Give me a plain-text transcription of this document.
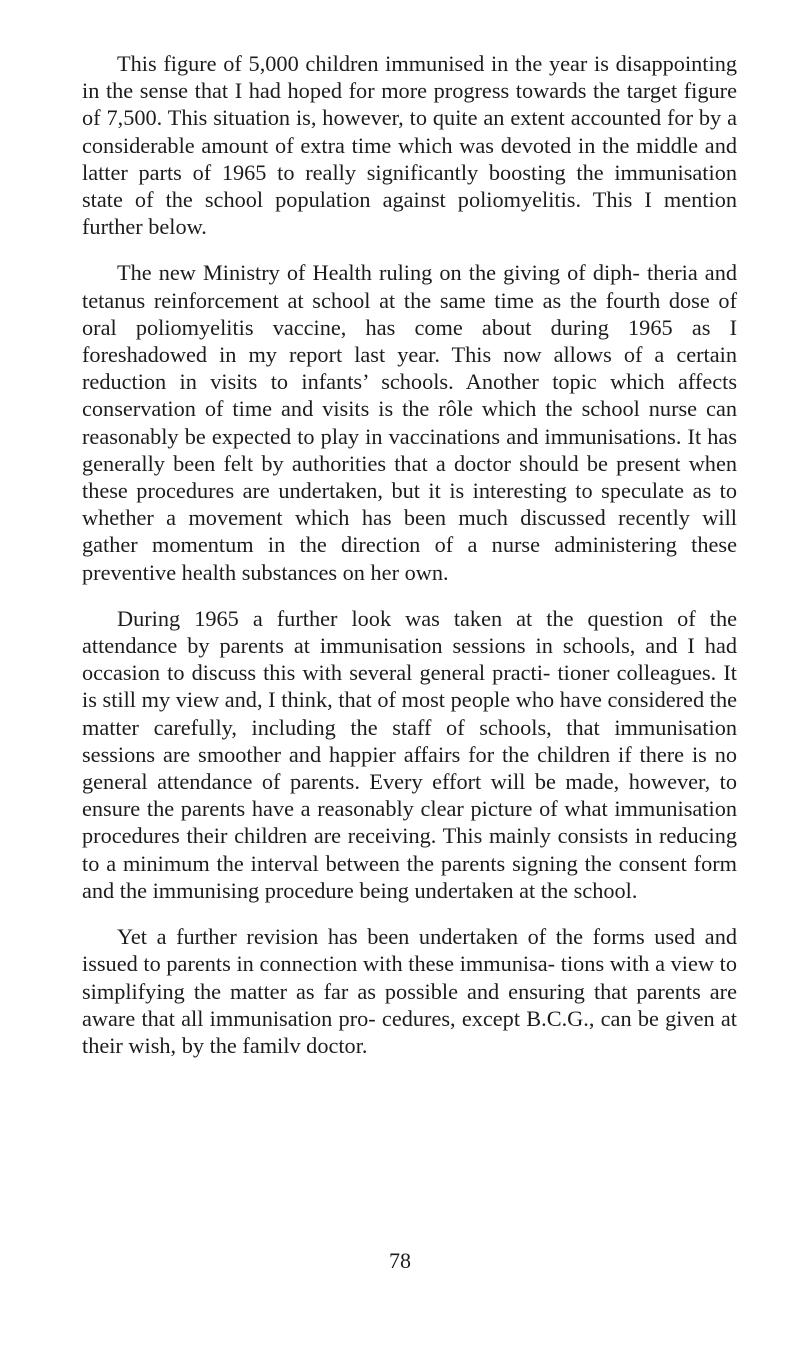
This figure of 5,000 children immunised in the year is disappointing in the sense that I had hoped for more progress towards the target figure of 7,500. This situation is, however, to quite an extent accounted for by a considerable amount of extra time which was devoted in the middle and latter parts of 1965 to really significantly boosting the immunisation state of the school population against poliomyelitis. This I mention further below.

The new Ministry of Health ruling on the giving of diph- theria and tetanus reinforcement at school at the same time as the fourth dose of oral poliomyelitis vaccine, has come about during 1965 as I foreshadowed in my report last year. This now allows of a certain reduction in visits to infants’ schools. Another topic which affects conservation of time and visits is the rôle which the school nurse can reasonably be expected to play in vaccinations and immunisations. It has generally been felt by authorities that a doctor should be present when these procedures are undertaken, but it is interesting to speculate as to whether a movement which has been much discussed recently will gather momentum in the direction of a nurse administering these preventive health substances on her own.

During 1965 a further look was taken at the question of the attendance by parents at immunisation sessions in schools, and I had occasion to discuss this with several general practi- tioner colleagues. It is still my view and, I think, that of most people who have considered the matter carefully, including the staff of schools, that immunisation sessions are smoother and happier affairs for the children if there is no general attendance of parents. Every effort will be made, however, to ensure the parents have a reasonably clear picture of what immunisation procedures their children are receiving. This mainly consists in reducing to a minimum the interval between the parents signing the consent form and the immunising procedure being undertaken at the school.

Yet a further revision has been undertaken of the forms used and issued to parents in connection with these immunisa- tions with a view to simplifying the matter as far as possible and ensuring that parents are aware that all immunisation pro- cedures, except B.C.G., can be given at their wish, by the familv doctor.

78
